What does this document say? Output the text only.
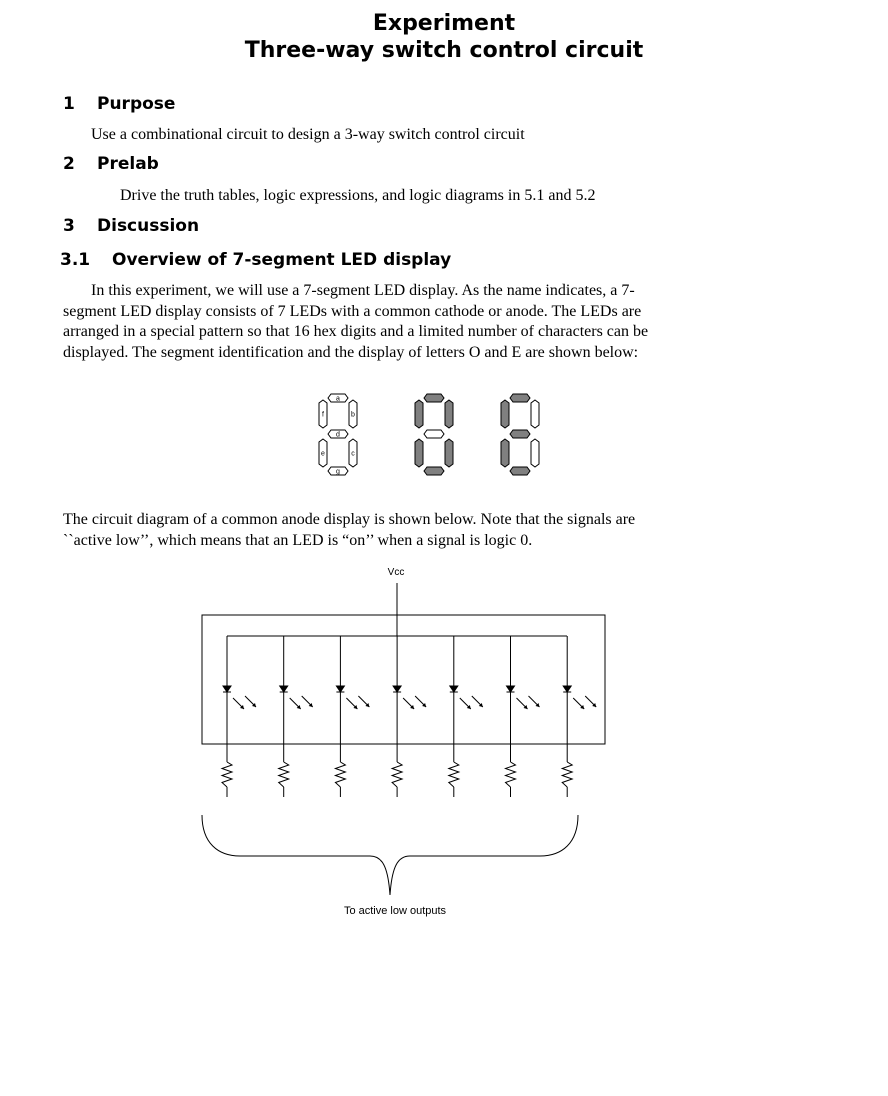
Experiment
Three-way switch control circuit
1 Purpose
Use a combinational circuit to design a 3-way switch control circuit
2 Prelab
Drive the truth tables, logic expressions, and logic diagrams in 5.1 and 5.2
3 Discussion
3.1 Overview of 7-segment LED display
In this experiment, we will use a 7-segment LED display. As the name indicates, a 7-
segment LED display consists of 7 LEDs with a common cathode or anode. The LEDs are
arranged in a special pattern so that 16 hex digits and a limited number of characters can be
displayed. The segment identification and the display of letters O and E are shown below:
a
b
c
d
e
f
g
The circuit diagram of a common anode display is shown below. Note that the signals are
``active low’’, which means that an LED is “on’’ when a signal is logic 0.
Vcc
To active low outputs
